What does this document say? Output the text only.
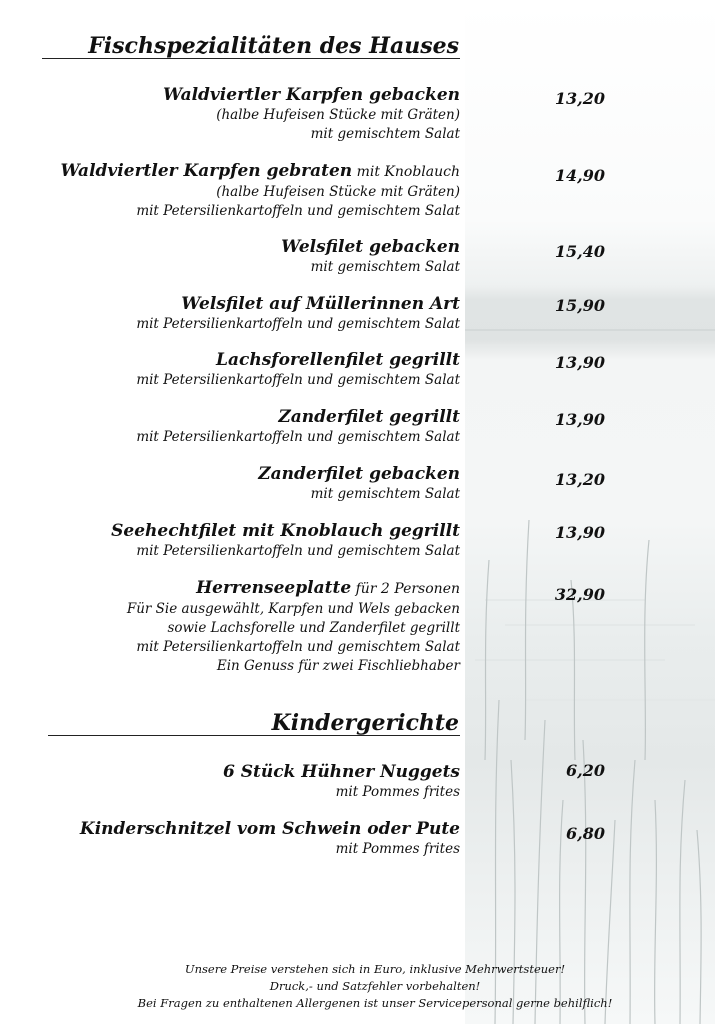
Fischspezialitäten des Hauses
Waldviertler Karpfen gebacken
(halbe Hufeisen Stücke mit Gräten)
mit gemischtem Salat
13,20
Waldviertler Karpfen gebraten mit Knoblauch
(halbe Hufeisen Stücke mit Gräten)
mit Petersilienkartoffeln und gemischtem Salat
14,90
Welsfilet gebacken
mit gemischtem Salat
15,40
Welsfilet auf Müllerinnen Art
mit Petersilienkartoffeln und gemischtem Salat
15,90
Lachsforellenfilet gegrillt
mit Petersilienkartoffeln und gemischtem Salat
13,90
Zanderfilet gegrillt
mit Petersilienkartoffeln und gemischtem Salat
13,90
Zanderfilet gebacken
mit gemischtem Salat
13,20
Seehechtfilet mit Knoblauch gegrillt
mit Petersilienkartoffeln und gemischtem Salat
13,90
Herrenseeplatte für 2 Personen
Für Sie ausgewählt, Karpfen und Wels gebacken
sowie Lachsforelle und Zanderfilet gegrillt
mit Petersilienkartoffeln und gemischtem Salat
Ein Genuss für zwei Fischliebhaber
32,90
Kindergerichte
6 Stück Hühner Nuggets
mit Pommes frites
6,20
Kinderschnitzel vom Schwein oder Pute
mit Pommes frites
6,80
Unsere Preise verstehen sich in Euro, inklusive Mehrwertsteuer!
Druck,- und Satzfehler vorbehalten!
Bei Fragen zu enthaltenen Allergenen ist unser Servicepersonal gerne behilflich!
